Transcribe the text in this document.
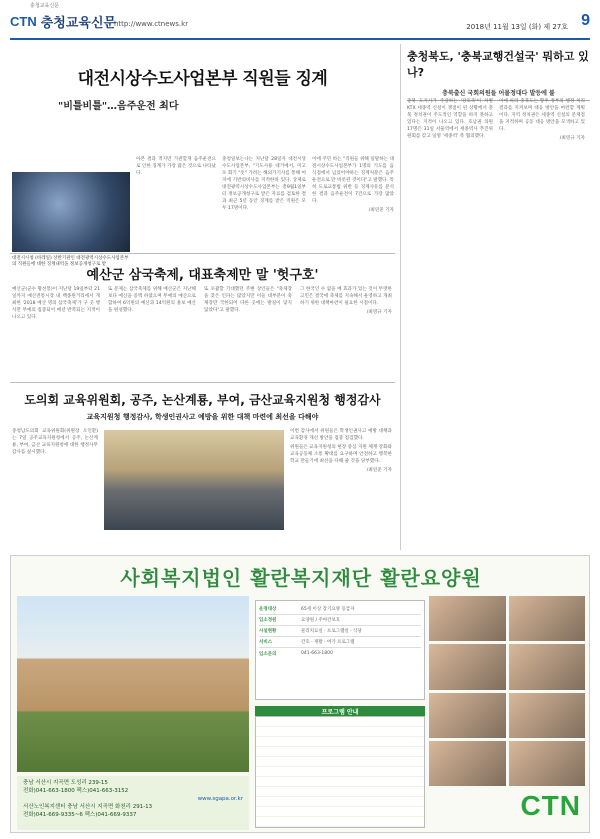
CTN 충청교육신문
충청교육신문
http://www.ctnews.kr	2018년 11월 13일 (화) 제 27호 9
대전시상수도사업본부 직원들 징계
"비틀비틀"…음주운전 최다
대전시시청 (바레일) 상반기관인 대전광역시상수도사업본부의 직원들에 대한 징계내역을 정보공개청구로 받

아본 결과 적지만 가관할게 음주운전으로 인한 징계가 가장 많은 것으로 나타났다.

충청일보는나는 지난달 28일자 대전시상수도사업본부, "기도사용 대거에서, 미고포 회기 "옷" 가려는 해외가기사를 통해 여지에 기반의비사를 지적한바 있다. 상제로 대전광역시상수도사업본부는 총9월1일부터 정보공개청구로 받은 자료를 검토한 결과 최근 5년 동안 징계를 받은 직원은 모두 17명이다.

이에 주민 바는 "직원들 위해 일탈하는 대전시상수도사업본부가 1명의 기도를 음식점에서 넘었어야하는 징계처분은 음주운전으로 만 비롯된 것이다"고 말했다. 특히 도로교통법 위반 등 징계사유를 분석한 결과 음주운전이 7건으로 가장 많았다.

/최연준 기자

예산군 삼국축제, 대표축제만 말 '헛구호'

예산군(군수 황선봉)이 지난달 19일부터 21일까지 예산전통시장 내 백종원거리에서 개최한 '2018 예산 명의 삼국축제'가 구 곳 행사만 무예의 집중되어 매년 반복되는 지적이 나오고 있다.

또 문제는 삼국축제를 위해 예산군은 지난해보다 예산을 증액 하였으며 무예의 예산으로 합하여 6억원의 예산과 14억원의 홍보 예산을 편성했다.

또 포괄할 기대했던 주변 상인들은 "축제장을 찾은 인파는 많았지만 이들 대부분이 축제장만 국한되어 다른 곳에는 발길이 닿지 않았다"고 말했다.

그 한국인 수 없을 예 효과가 있는 것이 뚜렷한 고민은 결국에 축제를 지속해서 운영하고 개최하기 위한 대책마련이 필요한 시점이다.

/최영규 기자

도의회 교육위원회, 공주, 논산계룡, 부여, 금산교육지원청 행정감사
교육지원청 행정감사, 학생인권사고 예방을 위한 대책 마련에 최선을 다해야

충청남도의회 교육위원회(위원장 오인환)는 7일 공주교육지원청에서 공주, 논산계룡, 부여, 금산 교육지원청에 대한 행정사무감사를 실시했다.

이번 감사에서 위원들은 학생인권사고 예방 대책과 교육환경 개선 방안을 집중 점검했다.

위원들은 교육지원청의 현장 중심 지원 체계 강화와 교육공동체 소통 확대를 요구하며 안전하고 행복한 학교 만들기에 최선을 다해 줄 것을 당부했다.

/최연준 기자

충청북도, '충북교행건설국' 뭐하고 있나?
충북출신 국회의원들 어물정대다 발등에 불

충북 도지사가 주장하는 '강호축'이 차별 KTX 세종역 신설이 쟁점이 된 상황에서 충북 정치권이 주도적인 역할을 하지 못하고 있다는 지적이 나오고 있다. 호남권 의원 17명은 31일 서울역에서 세종역사 추진위원회를 갖고 일명 '세종역' 촉 협의했다.

이에 따라 충북도는 향후 정부의 행정 처리 결과를 지켜보며 대응 방안을 마련할 계획이다. 지역 정치권은 세종역 신설의 문제점을 지적하며 공동 대응 방안을 모색하고 있다.

/최영규 기자

사회복지법인 활란복지재단 활란요양원
충남 서산시 지곡면 도성리 239-15
전화)041-663-1800 팩스)041-663-3152
www.sgapa.or.kr
서산노인복지센터 충남 서산시 지곡면 화천리 291-13
전화)041-669-9335~6 팩스)041-669-9337
운영대상	65세 이상 장기요양 등급자
입소정원	요양원 / 주야간보호
시설현황	물리치료실 · 프로그램실 · 식당
서비스	간호 · 재활 · 여가 프로그램
입소문의	041-663-1800
프로그램 안내
CTN
